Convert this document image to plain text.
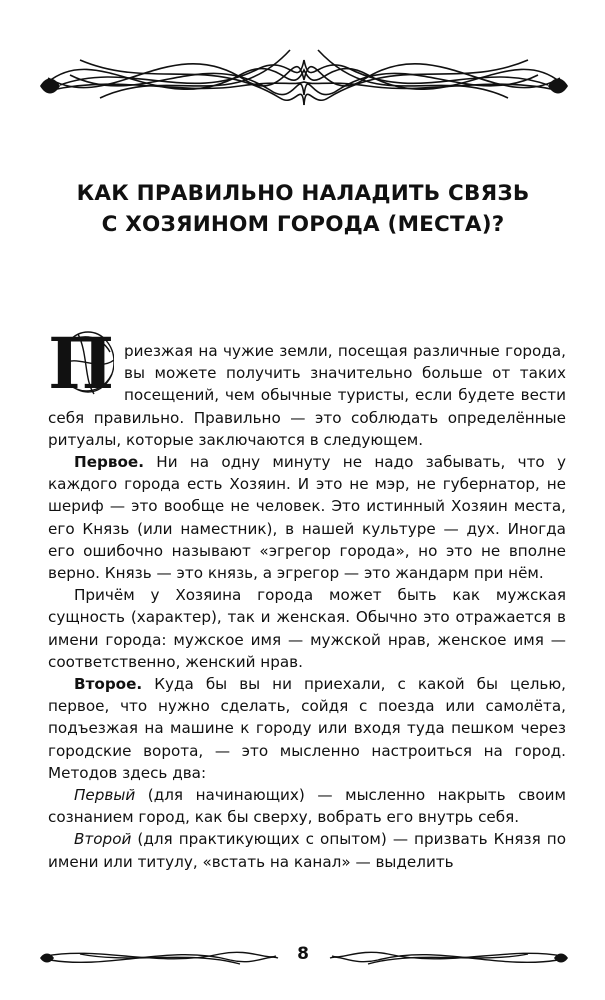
КАК ПРАВИЛЬНО НАЛАДИТЬ СВЯЗЬ
С ХОЗЯИНОМ ГОРОДА (МЕСТА)?

П риезжая на чужие земли, посещая различные города, вы можете получить значительно больше от таких посещений, чем обычные туристы, если будете вести себя правильно. Правильно — это соблюдать определённые ритуалы, которые заключаются в следующем.

Первое. Ни на одну минуту не надо забывать, что у каждого города есть Хозяин. И это не мэр, не губернатор, не шериф — это вообще не человек. Это истинный Хозяин места, его Князь (или наместник), в нашей культуре — дух. Иногда его ошибочно называют «эгрегор города», но это не вполне верно. Князь — это князь, а эгрегор — это жандарм при нём.

Причём у Хозяина города может быть как мужская сущность (характер), так и женская. Обычно это отражается в имени города: мужское имя — мужской нрав, женское имя — соответственно, женский нрав.

Второе. Куда бы вы ни приехали, с какой бы целью, первое, что нужно сделать, сойдя с поезда или самолёта, подъезжая на машине к городу или входя туда пешком через городские ворота, — это мысленно настроиться на город. Методов здесь два:

Первый (для начинающих) — мысленно накрыть своим сознанием город, как бы сверху, вобрать его внутрь себя.

Второй (для практикующих с опытом) — призвать Князя по имени или титулу, «встать на канал» — выделить

8
